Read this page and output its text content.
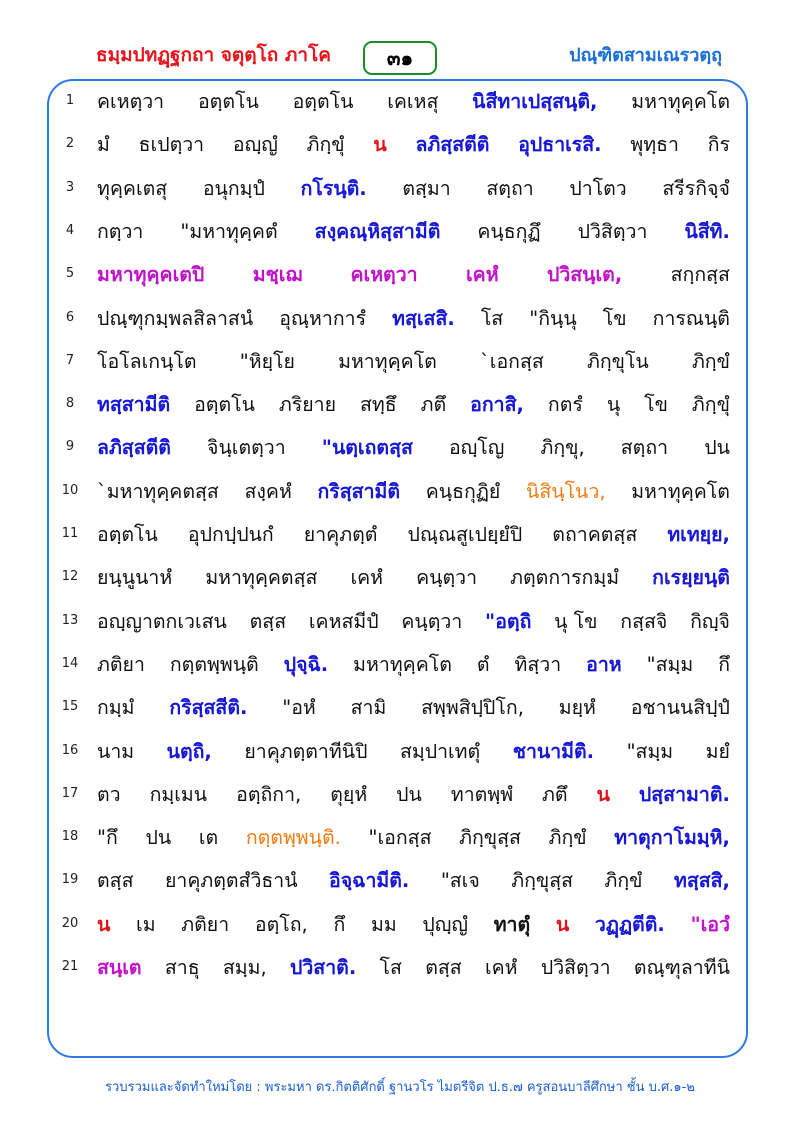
ธมฺมปทฏฺฐกถา จตุตฺโถ ภาโค	๓๑	ปณฺฑิตสามเณรวตฺถุ
1	คเหตฺวา อตฺตโน อตฺตโน เคเหสุ นิสีทาเปสฺสนฺติ, มหาทุคฺคโต
2	มํ ธเปตฺวา อญฺญํ ภิกฺขุํ น ลภิสฺสตีติ อุปธาเรสิ. พุทฺธา กิร
3	ทุคฺคเตสุ อนุกมฺปํ กโรนฺติ. ตสฺมา สตฺถา ปาโตว สรีรกิจฺจํ
4	กตฺวา "มหาทุคฺคตํ สงฺคณฺหิสฺสามีติ คนฺธกุฏึ ปวิสิตฺวา นิสีทิ.
5	มหาทุคฺคเตปิ มชฺเฌ คเหตฺวา เคหํ ปวิสนฺเต, สกฺกสฺส
6	ปณฺฑุกมฺพลสิลาสนํ อุณฺหาการํ ทสฺเสสิ. โส "กินฺนุ โข การณนฺติ
7	โอโลเกนฺโต "หิยฺโย มหาทุคฺคโต `เอกสฺส ภิกฺขุโน ภิกฺขํ
8	ทสฺสามีติ อตฺตโน ภริยาย สทฺธึ ภตึ อกาสิ, กตรํ นุ โข ภิกฺขุํ
9	ลภิสฺสตีติ จินฺเตตฺวา "นตฺเถตสฺส อญฺโญ ภิกฺขุ, สตฺถา ปน
10 `มหาทุคฺคตสฺส สงฺคหํ กริสฺสามีติ คนฺธกุฏิยํ นิสินฺโนว, มหาทุคฺคโต
11 อตฺตโน อุปกปฺปนกํ ยาคุภตฺตํ ปณฺณสูเปยฺยํปิ ตถาคตสฺส ทเทยฺย,
12 ยนฺนูนาหํ มหาทุคฺคตสฺส เคหํ คนฺตฺวา ภตฺตการกมฺมํ กเรยฺยนฺติ
13 อญฺญาตกเวเสน ตสฺส เคหสมีปํ คนฺตฺวา "อตฺถิ นุ โข กสฺสจิ กิญฺจิ
14 ภติยา กตฺตพฺพนฺติ ปุจฺฉิ. มหาทุคฺคโต ตํ ทิสฺวา อาห "สมฺม กึ
15 กมฺมํ กริสฺสสีติ. "อหํ สามิ สพฺพสิปฺปิโก, มยฺหํ อชานนสิปฺปํ
16 นาม นตฺถิ, ยาคุภตฺตาทีนิปิ สมฺปาเทตุํ ชานามีติ. "สมฺม มยํ
17 ตว กมฺเมน อตฺถิกา, ตุยฺหํ ปน ทาตพฺพํ ภตึ น ปสฺสามาติ.
18 "กึ ปน เต กตฺตพฺพนฺติ. "เอกสฺส ภิกฺขุสฺส ภิกฺขํ ทาตุกาโมมฺหิ,
19 ตสฺส ยาคุภตฺตสํวิธานํ อิจฺฉามีติ. "สเจ ภิกฺขุสฺส ภิกฺขํ ทสฺสสิ,
20 น เม ภติยา อตฺโถ, กึ มม ปุญฺญํ ทาตุํ น วฏฺฏตีติ. "เอวํ
21 สนฺเต สาธุ สมฺม, ปวิสาติ. โส ตสฺส เคหํ ปวิสิตฺวา ตณฺฑุลาทีนิ
รวบรวมและจัดทำใหม่โดย : พระมหา ดร.กิตติศักดิ์ ฐานวโร ไมตรีจิต ป.ธ.๗ ครูสอนบาลีศึกษา ชั้น บ.ศ.๑-๒
